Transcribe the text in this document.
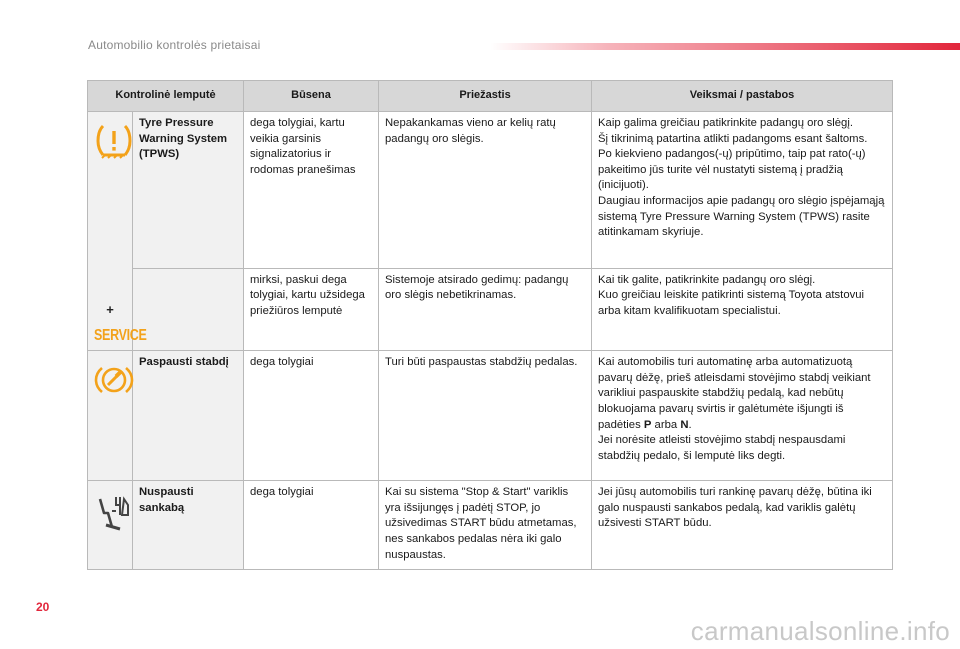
Automobilio kontrolės prietaisai
Kontrolinė lemputė		Būsena	Priežastis	Veiksmai / pastabos

+
SERVICE	Tyre Pressure Warning System (TPWS)	dega tolygiai, kartu veikia garsinis signalizatorius ir rodomas pranešimas	Nepakankamas vieno ar kelių ratų padangų oro slėgis.	Kaip galima greičiau patikrinkite padangų oro slėgį.
Šį tikrinimą patartina atlikti padangoms esant šaltoms.
Po kiekvieno padangos(-ų) pripūtimo, taip pat rato(-ų) pakeitimo jūs turite vėl nustatyti sistemą į pradžią (inicijuoti).
Daugiau informacijos apie padangų oro slėgio įspėjamąją sistemą Tyre Pressure Warning System (TPWS) rasite atitinkamam skyriuje.
		mirksi, paskui dega tolygiai, kartu užsidega priežiūros lemputė	Sistemoje atsirado gedimų: padangų oro slėgis nebetikrinamas.	Kai tik galite, patikrinkite padangų oro slėgį.
Kuo greičiau leiskite patikrinti sistemą Toyota atstovui arba kitam kvalifikuotam specialistui.

	Paspausti stabdį	dega tolygiai	Turi būti paspaustas stabdžių pedalas.	Kai automobilis turi automatinę arba automatizuotą pavarų dėžę, prieš atleisdami stovėjimo stabdį veikiant varikliui paspauskite stabdžių pedalą, kad nebūtų blokuojama pavarų svirtis ir galėtumėte išjungti iš padėties P arba N.
Jei norėsite atleisti stovėjimo stabdį nespausdami stabdžių pedalo, ši lemputė liks degti.

	Nuspausti sankabą	dega tolygiai	Kai su sistema "Stop & Start" variklis yra išsijungęs į padėtį STOP, jo užsivedimas START būdu atmetamas, nes sankabos pedalas nėra iki galo nuspaustas.	Jei jūsų automobilis turi rankinę pavarų dėžę, būtina iki galo nuspausti sankabos pedalą, kad variklis galėtų užsivesti START būdu.
20
carmanualsonline.info
